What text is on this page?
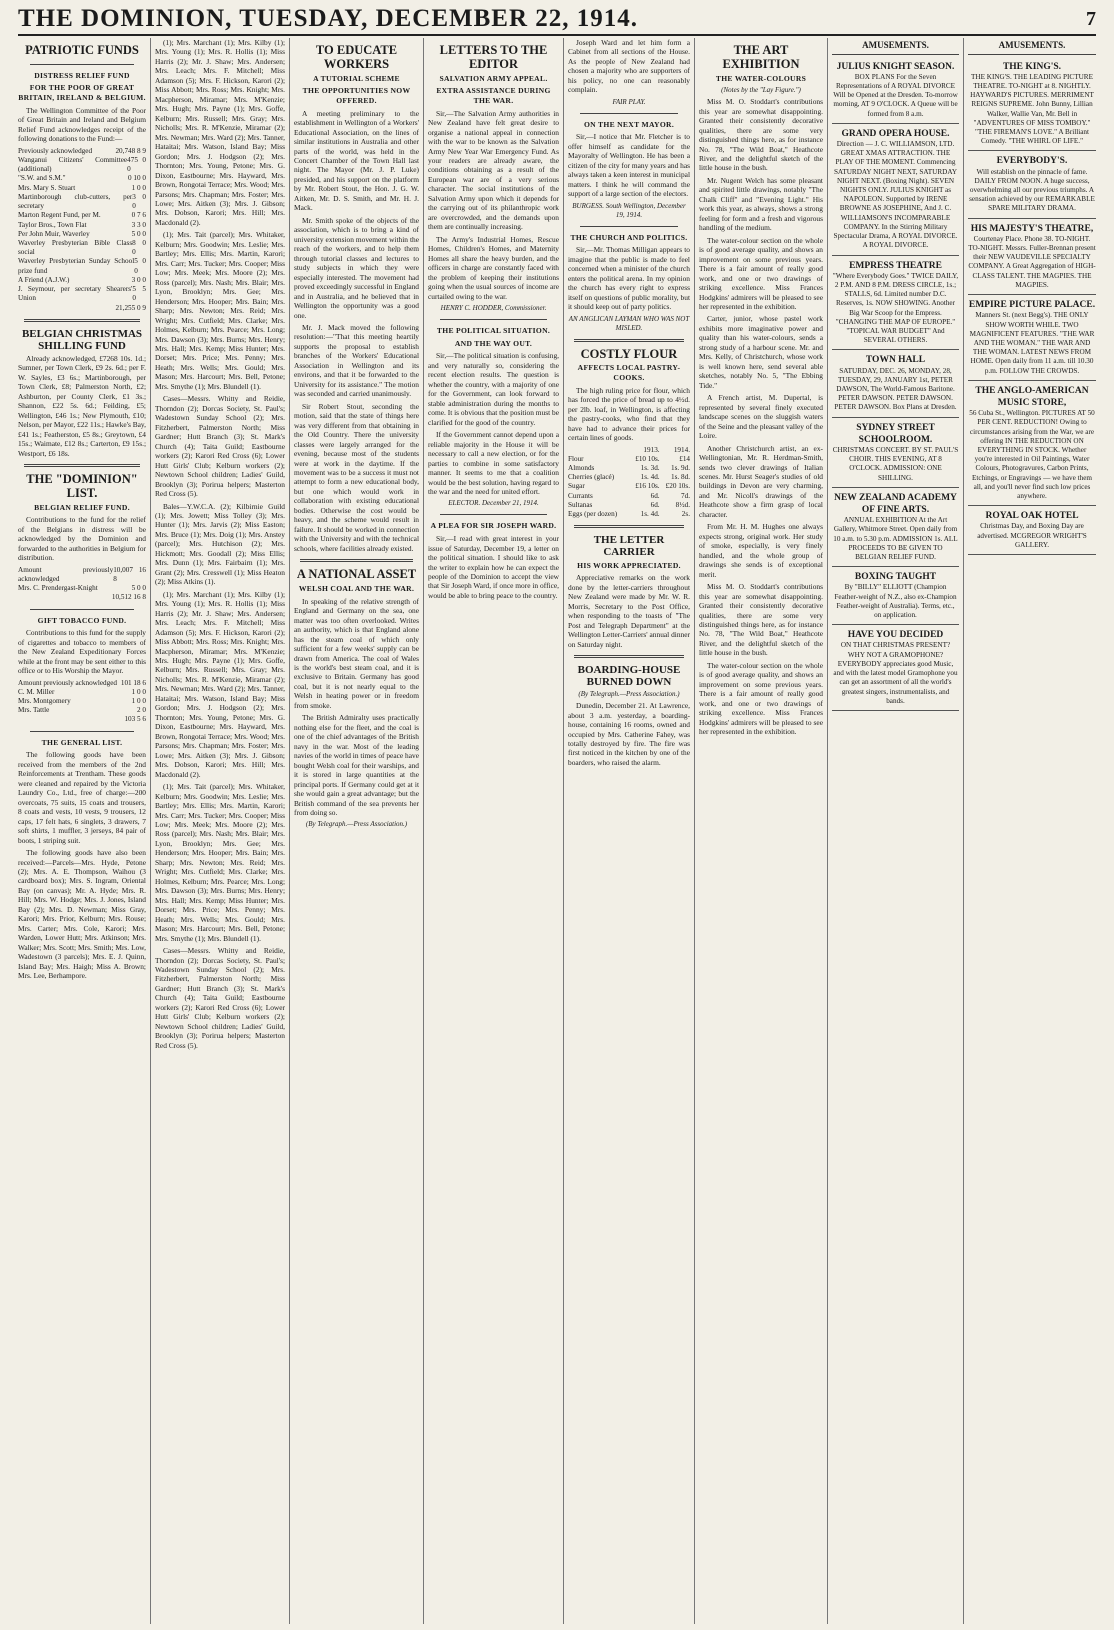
THE DOMINION, TUESDAY, DECEMBER 22, 1914.	7
PATRIOTIC FUNDS
DISTRESS RELIEF FUND
FOR THE POOR OF GREAT BRITAIN, IRELAND & BELGIUM.

The Wellington Committee of the Poor of Great Britain and Ireland and Belgium Relief Fund acknowledges receipt of the following donations to the Fund:—

Previously acknowledged	20,748 8 9
Wanganui Citizens' Committee (additional)
475 0 0
"S.W. and S.M."	0 10 0
Mrs. Mary S. Stuart	1 0 0
Martinborough club-cutters, per secretary
3 0 0
Marton Regent Fund, per M.	0 7 6
Taylor Bros., Town Flat	3 3 0
Per John Muir, Waverley	5 0 0
Waverley Presbyterian Bible Class social
8 0 0
Waverley Presbyterian Sunday School prize fund
5 0 0
A Friend (A.J.W.)	3 0 0
J. Seymour, per secretary Shearers' Union
5 5 0
21,255 0 9
BELGIAN CHRISTMAS SHILLING FUND

Already acknowledged, £7268 10s. 1d.; Sumner, per Town Clerk, £9 2s. 6d.; per F. W. Sayles, £3 6s.; Martinborough, per Town Clerk, £8; Palmerston North, £2; Ashburton, per County Clerk, £1 3s.; Shannon, £22 5s. 6d.; Feilding, £5; Wellington, £46 1s.; New Plymouth, £10; Nelson, per Mayor, £22 11s.; Hawke's Bay, £41 1s.; Featherston, £5 8s.; Greytown, £4 15s.; Waimate, £12 8s.; Carterton, £9 15s.; Westport, £6 18s.

THE "DOMINION" LIST.
BELGIAN RELIEF FUND.

Contributions to the fund for the relief of the Belgians in distress will be acknowledged by the Dominion and forwarded to the authorities in Belgium for distribution.

Amount previously acknowledged
10,007 16 8
Mrs. C. Prendergast-Knight	5 0 0
10,512 16 8
GIFT TOBACCO FUND.

Contributions to this fund for the supply of cigarettes and tobacco to members of the New Zealand Expeditionary Forces while at the front may be sent either to this office or to His Worship the Mayor.

Amount previously acknowledged 101 18 6
C. M. Miller	1 0 0
Mrs. Montgomery	1 0 0
Mrs. Tattle	2 0
103 5 6
THE GENERAL LIST.

The following goods have been received from the members of the 2nd Reinforcements at Trentham. These goods were cleaned and repaired by the Victoria Laundry Co., Ltd., free of charge:—200 overcoats, 75 suits, 15 coats and trousers, 8 coats and vests, 10 vests, 9 trousers, 12 caps, 17 felt hats, 6 singlets, 3 drawers, 7 soft shirts, 1 muffler, 3 jerseys, 84 pair of boots, 1 striping suit.

The following goods have also been received:—Parcels—Mrs. Hyde, Petone (2); Mrs. A. E. Thompson, Waihou (3 cardboard box); Mrs. S. Ingram, Oriental Bay (on canvas); Mr. A. Hyde; Mrs. R. Hill; Mrs. W. Hodge; Mrs. J. Jones, Island Bay (2); Mrs. D. Newman; Miss Gray, Karori; Mrs. Prior, Kelburn; Mrs. Rouse; Mrs. Carter; Mrs. Cole, Karori; Mrs. Warden, Lower Hutt; Mrs. Atkinson; Mrs. Walker; Mrs. Scott; Mrs. Smith; Mrs. Low, Wadestown (3 parcels); Mrs. E. J. Quinn, Island Bay; Mrs. Haigh; Miss A. Brown; Mrs. Lee, Berhampore.

(1); Mrs. Marchant (1); Mrs. Kilby (1); Mrs. Young (1); Mrs. R. Hollis (1); Miss Harris (2); Mr. J. Shaw; Mrs. Andersen; Mrs. Leach; Mrs. F. Mitchell; Miss Adamson (5); Mrs. F. Hickson, Karori (2); Miss Abbott; Mrs. Ross; Mrs. Knight; Mrs. Macpherson, Miramar; Mrs. M'Kenzie; Mrs. Hugh; Mrs. Payne (1); Mrs. Goffe, Kelburn; Mrs. Russell; Mrs. Gray; Mrs. Nicholls; Mrs. R. M'Kenzie, Miramar (2); Mrs. Newman; Mrs. Ward (2); Mrs. Tanner, Hataitai; Mrs. Watson, Island Bay; Miss Gordon; Mrs. J. Hodgson (2); Mrs. Thornton; Mrs. Young, Petone; Mrs. G. Dixon, Eastbourne; Mrs. Hayward, Mrs. Brown, Rongotai Terrace; Mrs. Wood; Mrs. Parsons; Mrs. Chapman; Mrs. Foster; Mrs. Lowe; Mrs. Aitken (3); Mrs. J. Gibson; Mrs. Dobson, Karori; Mrs. Hill; Mrs. Macdonald (2).

(1); Mrs. Tait (parcel); Mrs. Whitaker, Kelburn; Mrs. Goodwin; Mrs. Leslie; Mrs. Bartley; Mrs. Ellis; Mrs. Martin, Karori; Mrs. Carr; Mrs. Tucker; Mrs. Cooper; Miss Low; Mrs. Meek; Mrs. Moore (2); Mrs. Ross (parcel); Mrs. Nash; Mrs. Blair; Mrs. Lyon, Brooklyn; Mrs. Gee; Mrs. Henderson; Mrs. Hooper; Mrs. Bain; Mrs. Sharp; Mrs. Newton; Mrs. Reid; Mrs. Wright; Mrs. Cutfield; Mrs. Clarke; Mrs. Holmes, Kelburn; Mrs. Pearce; Mrs. Long; Mrs. Dawson (3); Mrs. Burns; Mrs. Henry; Mrs. Hall; Mrs. Kemp; Miss Hunter; Mrs. Dorset; Mrs. Price; Mrs. Penny; Mrs. Heath; Mrs. Wells; Mrs. Gould; Mrs. Mason; Mrs. Harcourt; Mrs. Bell, Petone; Mrs. Smythe (1); Mrs. Blundell (1).

Cases—Messrs. Whitty and Reidie, Thorndon (2); Dorcas Society, St. Paul's; Wadestown Sunday School (2); Mrs. Fitzherbert, Palmerston North; Miss Gardner; Hutt Branch (3); St. Mark's Church (4); Taita Guild; Eastbourne workers (2); Karori Red Cross (6); Lower Hutt Girls' Club; Kelburn workers (2); Newtown School children; Ladies' Guild, Brooklyn (3); Porirua helpers; Masterton Red Cross (5).

Bales—Y.W.C.A. (2); Kilbirnie Guild (1); Mrs. Jowett; Miss Tolley (3); Mrs. Hunter (1); Mrs. Jarvis (2); Miss Easton; Mrs. Bruce (1); Mrs. Doig (1); Mrs. Anstey (parcel); Mrs. Hutchison (2); Mrs. Hickmott; Mrs. Goodall (2); Miss Ellis; Mrs. Dunn (1); Mrs. Fairbairn (1); Mrs. Grant (2); Mrs. Cresswell (1); Miss Heaton (2); Miss Atkins (1).

(1); Mrs. Marchant (1); Mrs. Kilby (1); Mrs. Young (1); Mrs. R. Hollis (1); Miss Harris (2); Mr. J. Shaw; Mrs. Andersen; Mrs. Leach; Mrs. F. Mitchell; Miss Adamson (5); Mrs. F. Hickson, Karori (2); Miss Abbott; Mrs. Ross; Mrs. Knight; Mrs. Macpherson, Miramar; Mrs. M'Kenzie; Mrs. Hugh; Mrs. Payne (1); Mrs. Goffe, Kelburn; Mrs. Russell; Mrs. Gray; Mrs. Nicholls; Mrs. R. M'Kenzie, Miramar (2); Mrs. Newman; Mrs. Ward (2); Mrs. Tanner, Hataitai; Mrs. Watson, Island Bay; Miss Gordon; Mrs. J. Hodgson (2); Mrs. Thornton; Mrs. Young, Petone; Mrs. G. Dixon, Eastbourne; Mrs. Hayward, Mrs. Brown, Rongotai Terrace; Mrs. Wood; Mrs. Parsons; Mrs. Chapman; Mrs. Foster; Mrs. Lowe; Mrs. Aitken (3); Mrs. J. Gibson; Mrs. Dobson, Karori; Mrs. Hill; Mrs. Macdonald (2).

(1); Mrs. Tait (parcel); Mrs. Whitaker, Kelburn; Mrs. Goodwin; Mrs. Leslie; Mrs. Bartley; Mrs. Ellis; Mrs. Martin, Karori; Mrs. Carr; Mrs. Tucker; Mrs. Cooper; Miss Low; Mrs. Meek; Mrs. Moore (2); Mrs. Ross (parcel); Mrs. Nash; Mrs. Blair; Mrs. Lyon, Brooklyn; Mrs. Gee; Mrs. Henderson; Mrs. Hooper; Mrs. Bain; Mrs. Sharp; Mrs. Newton; Mrs. Reid; Mrs. Wright; Mrs. Cutfield; Mrs. Clarke; Mrs. Holmes, Kelburn; Mrs. Pearce; Mrs. Long; Mrs. Dawson (3); Mrs. Burns; Mrs. Henry; Mrs. Hall; Mrs. Kemp; Miss Hunter; Mrs. Dorset; Mrs. Price; Mrs. Penny; Mrs. Heath; Mrs. Wells; Mrs. Gould; Mrs. Mason; Mrs. Harcourt; Mrs. Bell, Petone; Mrs. Smythe (1); Mrs. Blundell (1).

Cases—Messrs. Whitty and Reidie, Thorndon (2); Dorcas Society, St. Paul's; Wadestown Sunday School (2); Mrs. Fitzherbert, Palmerston North; Miss Gardner; Hutt Branch (3); St. Mark's Church (4); Taita Guild; Eastbourne workers (2); Karori Red Cross (6); Lower Hutt Girls' Club; Kelburn workers (2); Newtown School children; Ladies' Guild, Brooklyn (3); Porirua helpers; Masterton Red Cross (5).

TO EDUCATE WORKERS
A TUTORIAL SCHEME
THE OPPORTUNITIES NOW OFFERED.

A meeting preliminary to the establishment in Wellington of a Workers' Educational Association, on the lines of similar institutions in Australia and other parts of the world, was held in the Concert Chamber of the Town Hall last night. The Mayor (Mr. J. P. Luke) presided, and his support on the platform by Mr. Robert Stout, the Hon. J. G. W. Aitken, Mr. D. S. Smith, and Mr. H. J. Mack.

Mr. Smith spoke of the objects of the association, which is to bring a kind of university extension movement within the reach of the workers, and to help them through tutorial classes and lectures to study subjects in which they were especially interested. The movement had proved exceedingly successful in England and in Australia, and he believed that in Wellington the opportunity was a good one.

Mr. J. Mack moved the following resolution:—"That this meeting heartily supports the proposal to establish branches of the Workers' Educational Association in Wellington and its environs, and that it be forwarded to the University for its assistance." The motion was seconded and carried unanimously.

Sir Robert Stout, seconding the motion, said that the state of things here was very different from that obtaining in the Old Country. There the university classes were largely arranged for the evening, because most of the students were at work in the daytime. If the movement was to be a success it must not attempt to form a new educational body, but one which would work in collaboration with existing educational bodies. Otherwise the cost would be heavy, and the scheme would result in failure. It should be worked in connection with the University and with the technical schools, where facilities already existed.

A NATIONAL ASSET
WELSH COAL AND THE WAR.

In speaking of the relative strength of England and Germany on the sea, one matter was too often overlooked. Writes an authority, which is that England alone has the steam coal of which only sufficient for a few weeks' supply can be drawn from America. The coal of Wales is the world's best steam coal, and it is exclusive to Britain. Germany has good coal, but it is not nearly equal to the Welsh in heating power or in freedom from smoke.

The British Admiralty uses practically nothing else for the fleet, and the coal is one of the chief advantages of the British navy in the war. Most of the leading navies of the world in times of peace have bought Welsh coal for their warships, and it is stored in large quantities at the principal ports. If Germany could get at it she would gain a great advantage; but the British command of the sea prevents her from doing so.

(By Telegraph.—Press Association.)
LETTERS TO THE EDITOR
SALVATION ARMY APPEAL.
EXTRA ASSISTANCE DURING THE WAR.

Sir,—The Salvation Army authorities in New Zealand have felt great desire to organise a national appeal in connection with the war to be known as the Salvation Army New Year War Emergency Fund. As your readers are already aware, the conditions obtaining as a result of the European war are of a very serious character. The social institutions of the Salvation Army upon which it depends for the carrying out of its philanthropic work are overcrowded, and the demands upon them are continually increasing.

The Army's Industrial Homes, Rescue Homes, Children's Homes, and Maternity Homes all share the heavy burden, and the officers in charge are constantly faced with the problem of keeping their institutions going when the usual sources of income are curtailed owing to the war.

HENRY C. HODDER, Commissioner.
THE POLITICAL SITUATION.
AND THE WAY OUT.

Sir,—The political situation is confusing, and very naturally so, considering the recent election results. The question is whether the country, with a majority of one for the Government, can look forward to stable administration during the months to come. It is obvious that the position must be clarified for the good of the country.

If the Government cannot depend upon a reliable majority in the House it will be necessary to call a new election, or for the parties to combine in some satisfactory manner. It seems to me that a coalition would be the best solution, having regard to the war and the need for united effort.

ELECTOR. December 21, 1914.
A PLEA FOR SIR JOSEPH WARD.

Sir,—I read with great interest in your issue of Saturday, December 19, a letter on the political situation. I should like to ask the writer to explain how he can expect the people of the Dominion to accept the view that Sir Joseph Ward, if once more in office, would be able to bring peace to the country.

Joseph Ward and let him form a Cabinet from all sections of the House. As the people of New Zealand had chosen a majority who are supporters of his policy, no one can reasonably complain.

FAIR PLAY.
ON THE NEXT MAYOR.

Sir,—I notice that Mr. Fletcher is to offer himself as candidate for the Mayoralty of Wellington. He has been a citizen of the city for many years and has always taken a keen interest in municipal matters. I think he will command the support of a large section of the electors.

BURGESS. South Wellington, December 19, 1914.
THE CHURCH AND POLITICS.

Sir,—Mr. Thomas Milligan appears to imagine that the public is made to feel concerned when a minister of the church enters the political arena. In my opinion the church has every right to express itself on questions of public morality, but it should keep out of party politics.

AN ANGLICAN LAYMAN WHO WAS NOT MISLED.
COSTLY FLOUR
AFFECTS LOCAL PASTRY-COOKS.

The high ruling price for flour, which has forced the price of bread up to 4½d. per 2lb. loaf, in Wellington, is affecting the pastry-cooks, who find that they have had to advance their prices for certain lines of goods.

	1913.	1914.
Flour	£10 10s.	£14
Almonds	1s. 3d.	1s. 9d.
Cherries (glacé)	1s. 4d.	1s. 8d.
Sugar	£16 10s.	£20 10s.
Currants	6d.	7d.
Sultanas	6d.	8½d.
Eggs (per dozen)	1s. 4d.	2s.
THE LETTER CARRIER
HIS WORK APPRECIATED.

Appreciative remarks on the work done by the letter-carriers throughout New Zealand were made by Mr. W. R. Morris, Secretary to the Post Office, when responding to the toasts of "The Post and Telegraph Department" at the Wellington Letter-Carriers' annual dinner on Saturday night.

BOARDING-HOUSE BURNED DOWN
(By Telegraph.—Press Association.)

Dunedin, December 21. At Lawrence, about 3 a.m. yesterday, a boarding-house, containing 16 rooms, owned and occupied by Mrs. Catherine Fahey, was totally destroyed by fire. The fire was first noticed in the kitchen by one of the boarders, who raised the alarm.

THE ART EXHIBITION
THE WATER-COLOURS
(Notes by the "Lay Figure.")

Miss M. O. Stoddart's contributions this year are somewhat disappointing. Granted their consistently decorative qualities, there are some very distinguished things here, as for instance No. 78, "The Wild Boat," Heathcote River, and the delightful sketch of the little house in the bush.

Mr. Nugent Welch has some pleasant and spirited little drawings, notably "The Chalk Cliff" and "Evening Light." His work this year, as always, shows a strong feeling for form and a fresh and vigorous handling of the medium.

The water-colour section on the whole is of good average quality, and shows an improvement on some previous years. There is a fair amount of really good work, and one or two drawings of striking excellence. Miss Frances Hodgkins' admirers will be pleased to see her represented in the exhibition.

Carter, junior, whose pastel work exhibits more imaginative power and quality than his water-colours, sends a strong study of a harbour scene. Mr. and Mrs. Kelly, of Christchurch, whose work is well known here, send several able sketches, notably No. 5, "The Ebbing Tide."

A French artist, M. Dupertal, is represented by several finely executed landscape scenes on the sluggish waters of the Seine and the pleasant valley of the Loire.

Another Christchurch artist, an ex-Wellingtonian, Mr. R. Herdman-Smith, sends two clever drawings of Italian scenes. Mr. Hurst Seager's studies of old buildings in Devon are very charming, and Mr. Nicoll's drawings of the Heathcote show a firm grasp of local character.

From Mr. H. M. Hughes one always expects strong, original work. Her study of smoke, especially, is very finely handled, and the whole group of drawings she sends is of exceptional merit.

Miss M. O. Stoddart's contributions this year are somewhat disappointing. Granted their consistently decorative qualities, there are some very distinguished things here, as for instance No. 78, "The Wild Boat," Heathcote River, and the delightful sketch of the little house in the bush.

The water-colour section on the whole is of good average quality, and shows an improvement on some previous years. There is a fair amount of really good work, and one or two drawings of striking excellence. Miss Frances Hodgkins' admirers will be pleased to see her represented in the exhibition.

AMUSEMENTS.
JULIUS KNIGHT SEASON.
BOX PLANS For the Seven Representations of A ROYAL DIVORCE Will be Opened at the Dresden. To-morrow morning, AT 9 O'CLOCK. A Queue will be formed from 8 a.m.
GRAND OPERA HOUSE.
Direction — J. C. WILLIAMSON, LTD. GREAT XMAS ATTRACTION. THE PLAY OF THE MOMENT. Commencing SATURDAY NIGHT NEXT, SATURDAY NIGHT NEXT. (Boxing Night). SEVEN NIGHTS ONLY. JULIUS KNIGHT as NAPOLEON. Supported by IRENE BROWNE AS JOSEPHINE, And J. C. WILLIAMSON'S INCOMPARABLE COMPANY. In the Stirring Military Spectacular Drama, A ROYAL DIVORCE. A ROYAL DIVORCE.
EMPRESS THEATRE
"Where Everybody Goes." TWICE DAILY, 2 P.M. AND 8 P.M. DRESS CIRCLE, 1s.; STALLS, 6d. Limited number D.C. Reserves, 1s. NOW SHOWING. Another Big War Scoop for the Empress. "CHANGING THE MAP OF EUROPE." "TOPICAL WAR BUDGET" And SEVERAL OTHERS.
TOWN HALL
SATURDAY, DEC. 26, MONDAY, 28, TUESDAY, 29, JANUARY 1st, PETER DAWSON, The World-Famous Baritone. PETER DAWSON. PETER DAWSON. PETER DAWSON. Box Plans at Dresden.
SYDNEY STREET SCHOOLROOM.
CHRISTMAS CONCERT. BY ST. PAUL'S CHOIR. THIS EVENING, AT 8 O'CLOCK. ADMISSION: ONE SHILLING.
NEW ZEALAND ACADEMY OF FINE ARTS.
ANNUAL EXHIBITION At the Art Gallery, Whitmore Street. Open daily from 10 a.m. to 5.30 p.m. ADMISSION 1s. ALL PROCEEDS TO BE GIVEN TO BELGIAN RELIEF FUND.
BOXING TAUGHT
By "BILLY" ELLIOTT (Champion Feather-weight of N.Z., also ex-Champion Feather-weight of Australia). Terms, etc., on application.
HAVE YOU DECIDED
ON THAT CHRISTMAS PRESENT? WHY NOT A GRAMOPHONE? EVERYBODY appreciates good Music, and with the latest model Gramophone you can get an assortment of all the world's greatest singers, instrumentalists, and bands.
AMUSEMENTS.
THE KING'S.
THE KING'S. THE LEADING PICTURE THEATRE. TO-NIGHT at 8. NIGHTLY. HAYWARD'S PICTURES. MERRIMENT REIGNS SUPREME. John Bunny, Lillian Walker, Wallie Van, Mr. Bell in "ADVENTURES OF MISS TOMBOY." "THE FIREMAN'S LOVE." A Brilliant Comedy. "THE WHIRL OF LIFE."
EVERYBODY'S.
Will establish on the pinnacle of fame. DAILY FROM NOON. A huge success, overwhelming all our previous triumphs. A sensation achieved by our REMARKABLE SPARE MILITARY DRAMA.
HIS MAJESTY'S THEATRE,
Courtenay Place. Phone 38. TO-NIGHT. TO-NIGHT. Messrs. Fuller-Brennan present their NEW VAUDEVILLE SPECIALTY COMPANY. A Great Aggregation of HIGH-CLASS TALENT. THE MAGPIES. THE MAGPIES.
EMPIRE PICTURE PALACE.
Manners St. (next Begg's). THE ONLY SHOW WORTH WHILE. TWO MAGNIFICENT FEATURES. "THE WAR AND THE WOMAN." THE WAR AND THE WOMAN. LATEST NEWS FROM HOME. Open daily from 11 a.m. till 10.30 p.m. FOLLOW THE CROWDS.
THE ANGLO-AMERICAN MUSIC STORE,
56 Cuba St., Wellington. PICTURES AT 50 PER CENT. REDUCTION! Owing to circumstances arising from the War, we are offering IN THE REDUCTION ON EVERYTHING IN STOCK. Whether you're interested in Oil Paintings, Water Colours, Photogravures, Carbon Prints, Etchings, or Engravings — we have them all, and you'll never find such low prices anywhere.
ROYAL OAK HOTEL
Christmas Day, and Boxing Day are advertised. MCGREGOR WRIGHT'S GALLERY.
